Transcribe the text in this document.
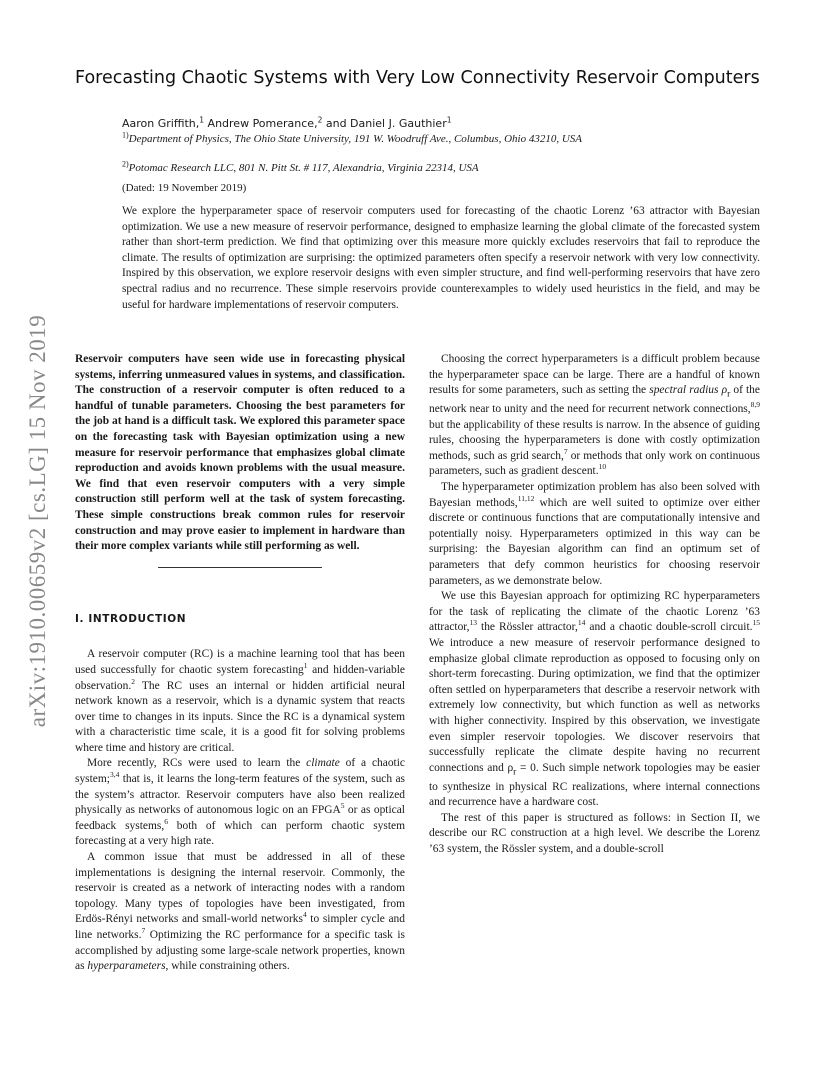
arXiv:1910.00659v2 [cs.LG] 15 Nov 2019
Forecasting Chaotic Systems with Very Low Connectivity Reservoir Computers
Aaron Griffith,$^1$ Andrew Pomerance,$^2$ and Daniel J. Gauthier$^1$
$^{1)}$Department of Physics, The Ohio State University, 191 W. Woodruff Ave., Columbus, Ohio 43210, USA
$^{2)}$Potomac Research LLC, 801 N. Pitt St. # 117, Alexandria, Virginia 22314, USA
(Dated: 19 November 2019)

We explore the hyperparameter space of reservoir computers used for forecasting of the chaotic Lorenz ’63 attractor with Bayesian optimization. We use a new measure of reservoir performance, designed to emphasize learning the global climate of the forecasted system rather than short-term prediction. We find that optimizing over this measure more quickly excludes reservoirs that fail to reproduce the climate. The results of optimization are surprising: the optimized parameters often specify a reservoir network with very low connectivity. Inspired by this observation, we explore reservoir designs with even simpler structure, and find well-performing reservoirs that have zero spectral radius and no recurrence. These simple reservoirs provide counterexamples to widely used heuristics in the field, and may be useful for hardware implementations of reservoir computers.

Reservoir computers have seen wide use in forecasting physical systems, inferring unmeasured values in systems, and classification. The construction of a reservoir computer is often reduced to a handful of tunable parameters. Choosing the best parameters for the job at hand is a difficult task. We explored this parameter space on the forecasting task with Bayesian optimization using a new measure for reservoir performance that emphasizes global climate reproduction and avoids known problems with the usual measure. We find that even reservoir computers with a very simple construction still perform well at the task of system forecasting. These simple constructions break common rules for reservoir construction and may prove easier to implement in hardware than their more complex variants while still performing as well.

I. INTRODUCTION

A reservoir computer (RC) is a machine learning tool that has been used successfully for chaotic system forecasting$^1$ and hidden-variable observation.$^2$ The RC uses an internal or hidden artificial neural network known as a reservoir, which is a dynamic system that reacts over time to changes in its inputs. Since the RC is a dynamical system with a characteristic time scale, it is a good fit for solving problems where time and history are critical.

More recently, RCs were used to learn the climate of a chaotic system;$^{3,4}$ that is, it learns the long-term features of the system, such as the system’s attractor. Reservoir computers have also been realized physically as networks of autonomous logic on an FPGA$^5$ or as optical feedback systems,$^6$ both of which can perform chaotic system forecasting at a very high rate.

A common issue that must be addressed in all of these implementations is designing the internal reservoir. Commonly, the reservoir is created as a network of interacting nodes with a random topology. Many types of topologies have been investigated, from Erdös-Rényi networks and small-world networks$^4$ to simpler cycle and line networks.$^7$ Optimizing the RC performance for a specific task is accomplished by adjusting some large-scale network properties, known as hyperparameters, while constraining others.

Choosing the correct hyperparameters is a difficult problem because the hyperparameter space can be large. There are a handful of known results for some parameters, such as setting the spectral radius $\rho_r$ of the network near to unity and the need for recurrent network connections,$^{8,9}$ but the applicability of these results is narrow. In the absence of guiding rules, choosing the hyperparameters is done with costly optimization methods, such as grid search,$^7$ or methods that only work on continuous parameters, such as gradient descent.$^{10}$

The hyperparameter optimization problem has also been solved with Bayesian methods,$^{11,12}$ which are well suited to optimize over either discrete or continuous functions that are computationally intensive and potentially noisy. Hyperparameters optimized in this way can be surprising: the Bayesian algorithm can find an optimum set of parameters that defy common heuristics for choosing reservoir parameters, as we demonstrate below.

We use this Bayesian approach for optimizing RC hyperparameters for the task of replicating the climate of the chaotic Lorenz ’63 attractor,$^{13}$ the Rössler attractor,$^{14}$ and a chaotic double-scroll circuit.$^{15}$ We introduce a new measure of reservoir performance designed to emphasize global climate reproduction as opposed to focusing only on short-term forecasting. During optimization, we find that the optimizer often settled on hyperparameters that describe a reservoir network with extremely low connectivity, but which function as well as networks with higher connectivity. Inspired by this observation, we investigate even simpler reservoir topologies. We discover reservoirs that successfully replicate the climate despite having no recurrent connections and $\rho_r = 0$. Such simple network topologies may be easier to synthesize in physical RC realizations, where internal connections and recurrence have a hardware cost.

The rest of this paper is structured as follows: in Section II, we describe our RC construction at a high level. We describe the Lorenz ’63 system, the Rössler system, and a double-scroll
